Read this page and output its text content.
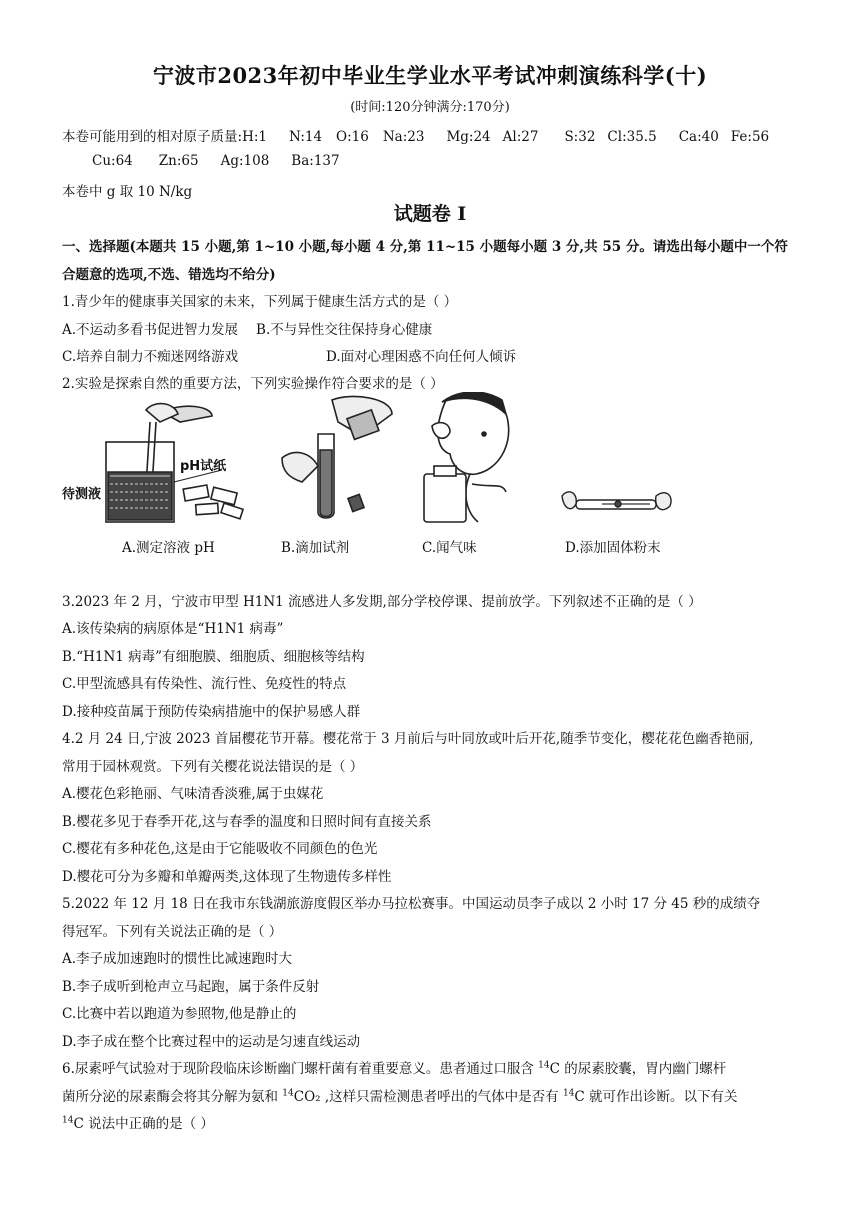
宁波市2023年初中毕业生学业水平考试冲刺演练科学(十)
(时间:120分钟满分:170分)
本卷可能用到的相对原子质量:H:1 N:14 O:16 Na:23 Mg:24 Al:27 S:32 Cl:35.5 Ca:40 Fe:56
Cu:64 Zn:65 Ag:108 Ba:137
本卷中 g 取 10 N/kg
试题卷 I
一、选择题(本题共 15 小题,第 1~10 小题,每小题 4 分,第 11~15 小题每小题 3 分,共 55 分。请选出每小题中一个符
合题意的选项,不选、错选均不给分)
1.青少年的健康事关国家的未来，下列属于健康生活方式的是（ ）
A.不运动多看书促进智力发展 B.不与异性交往保持身心健康
C.培养自制力不痴迷网络游戏	D.面对心理困惑不向任何人倾诉
2.实验是探索自然的重要方法，下列实验操作符合要求的是（ ）
pH试纸
待测液
A.测定溶液 pH	B.滴加试剂	C.闻气味	D.添加固体粉末
3.2023 年 2 月，宁波市甲型 H1N1 流感进人多发期,部分学校停课、提前放学。下列叙述不正确的是（ ）
A.该传染病的病原体是“H1N1 病毒”
B.“H1N1 病毒”有细胞膜、细胞质、细胞核等结构
C.甲型流感具有传染性、流行性、免疫性的特点
D.接种疫苗属于预防传染病措施中的保护易感人群
4.2 月 24 日,宁波 2023 首届樱花节开幕。樱花常于 3 月前后与叶同放或叶后开花,随季节变化，樱花花色幽香艳丽,
常用于园林观赏。下列有关樱花说法错误的是（ ）
A.樱花色彩艳丽、气味清香淡雅,属于虫媒花
B.樱花多见于春季开花,这与春季的温度和日照时间有直接关系
C.樱花有多种花色,这是由于它能吸收不同颜色的色光
D.樱花可分为多瓣和单瓣两类,这体现了生物遗传多样性
5.2022 年 12 月 18 日在我市东钱湖旅游度假区举办马拉松赛事。中国运动员李子成以 2 小时 17 分 45 秒的成绩夺
得冠军。下列有关说法正确的是（ ）
A.李子成加速跑时的惯性比减速跑时大
B.李子成听到枪声立马起跑，属于条件反射
C.比赛中若以跑道为参照物,他是静止的
D.李子成在整个比赛过程中的运动是匀速直线运动
6.尿素呼气试验对于现阶段临床诊断幽门螺杆菌有着重要意义。患者通过口服含 $^{14}$C 的尿素胶囊，胃内幽门螺杆
菌所分泌的尿素酶会将其分解为氨和 $^{14}$CO₂ ,这样只需检测患者呼出的气体中是否有 $^{14}$C 就可作出诊断。以下有关
$^{14}$C 说法中正确的是（ ）
